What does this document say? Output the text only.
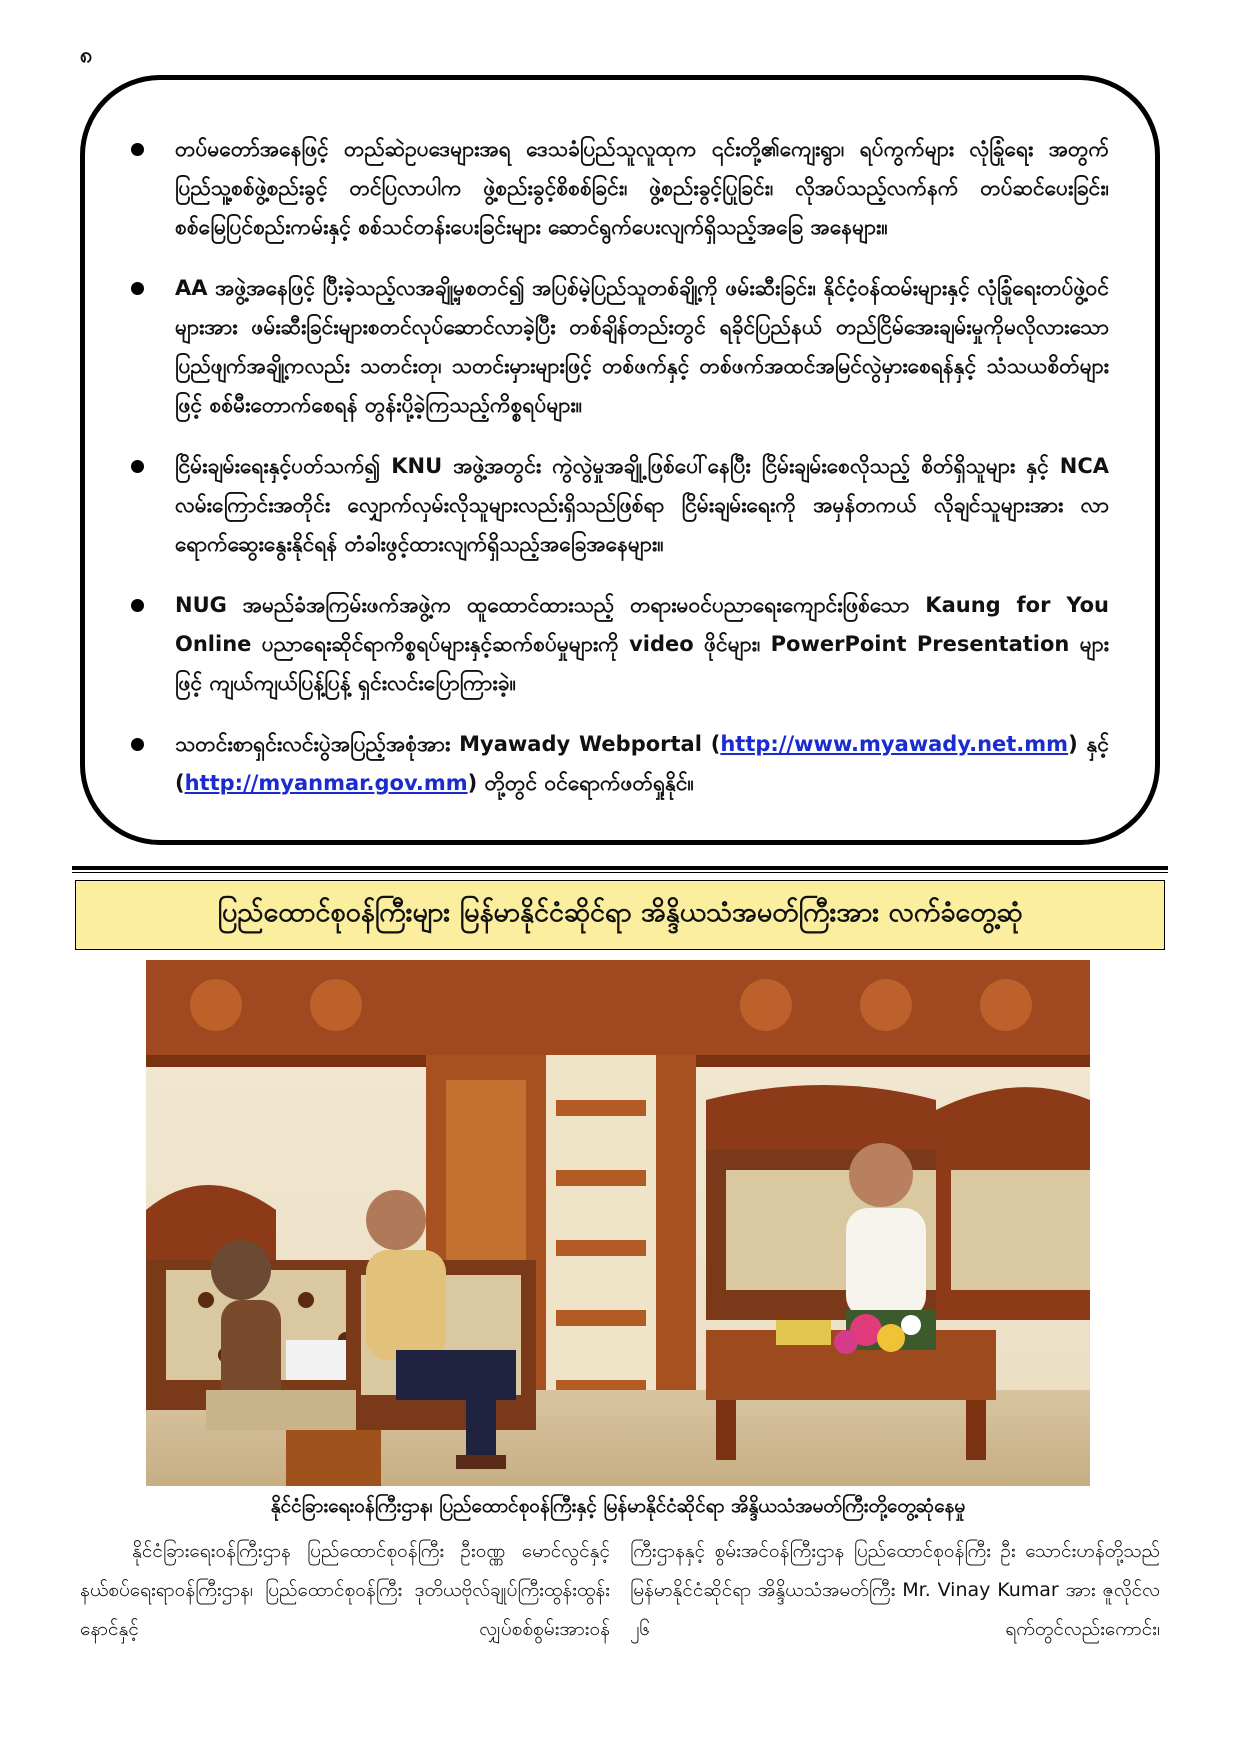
၈
တပ်မတော်အနေဖြင့် တည်ဆဲဥပဒေများအရ ဒေသခံပြည်သူလူထုက ၎င်းတို့၏ကျေးရွာ၊ ရပ်ကွက်များ လုံခြုံရေး အတွက် ပြည်သူ့စစ်ဖွဲ့စည်းခွင့် တင်ပြလာပါက ဖွဲ့စည်းခွင့်စိစစ်ခြင်း၊ ဖွဲ့စည်းခွင့်ပြုခြင်း၊ လိုအပ်သည့်လက်နက် တပ်ဆင်ပေးခြင်း၊ စစ်မြေပြင်စည်းကမ်းနှင့် စစ်သင်တန်းပေးခြင်းများ ဆောင်ရွက်ပေးလျက်ရှိသည့်အခြေ အနေများ။
AA အဖွဲ့အနေဖြင့် ပြီးခဲ့သည့်လအချို့မှစတင်၍ အပြစ်မဲ့ပြည်သူတစ်ချို့ကို ဖမ်းဆီးခြင်း၊ နိုင်ငံ့ဝန်ထမ်းများနှင့် လုံခြုံရေးတပ်ဖွဲ့ဝင်များအား ဖမ်းဆီးခြင်းများစတင်လုပ်ဆောင်လာခဲ့ပြီး တစ်ချိန်တည်းတွင် ရခိုင်ပြည်နယ် တည်ငြိမ်အေးချမ်းမှုကိုမလိုလားသော ပြည်ဖျက်အချို့ကလည်း သတင်းတု၊ သတင်းမှားများဖြင့် တစ်ဖက်နှင့် တစ်ဖက်အထင်အမြင်လွဲမှားစေရန်နှင့် သံသယစိတ်များဖြင့် စစ်မီးတောက်စေရန် တွန်းပို့ခဲ့ကြသည့်ကိစ္စရပ်များ။
ငြိမ်းချမ်းရေးနှင့်ပတ်သက်၍ KNU အဖွဲ့အတွင်း ကွဲလွဲမှုအချို့ဖြစ်ပေါ်နေပြီး ငြိမ်းချမ်းစေလိုသည့် စိတ်ရှိသူများ နှင့် NCA လမ်းကြောင်းအတိုင်း လျှောက်လှမ်းလိုသူများလည်းရှိသည်ဖြစ်ရာ ငြိမ်းချမ်းရေးကို အမှန်တကယ် လိုချင်သူများအား လာရောက်ဆွေးနွေးနိုင်ရန် တံခါးဖွင့်ထားလျက်ရှိသည့်အခြေအနေများ။
NUG အမည်ခံအကြမ်းဖက်အဖွဲ့က ထူထောင်ထားသည့် တရားမဝင်ပညာရေးကျောင်းဖြစ်သော Kaung for You Online ပညာရေးဆိုင်ရာကိစ္စရပ်များနှင့်ဆက်စပ်မှုများကို video ဖိုင်များ၊ PowerPoint Presentation များဖြင့် ကျယ်ကျယ်ပြန့်ပြန့် ရှင်းလင်းပြောကြားခဲ့။
သတင်းစာရှင်းလင်းပွဲအပြည့်အစုံအား Myawady Webportal (http://www.myawady.net.mm) နှင့် (http://myanmar.gov.mm) တို့တွင် ဝင်ရောက်ဖတ်ရှုနိုင်။
ပြည်ထောင်စုဝန်ကြီးများ မြန်မာနိုင်ငံဆိုင်ရာ အိန္ဒိယသံအမတ်ကြီးအား လက်ခံတွေ့ဆုံ
နိုင်ငံခြားရေးဝန်ကြီးဌာန၊ ပြည်ထောင်စုဝန်ကြီးနှင့် မြန်မာနိုင်ငံဆိုင်ရာ အိန္ဒိယသံအမတ်ကြီးတို့တွေ့ဆုံနေမှု
နိုင်ငံခြားရေးဝန်ကြီးဌာန ပြည်ထောင်စုဝန်ကြီး ဦးဝဏ္ဏ မောင်လွင်နှင့် နယ်စပ်ရေးရာဝန်ကြီးဌာန၊ ပြည်ထောင်စုဝန်ကြီး ဒုတိယဗိုလ်ချုပ်ကြီးထွန်းထွန်းနောင်နှင့် လျှပ်စစ်စွမ်းအားဝန်
ကြီးဌာနနှင့် စွမ်းအင်ဝန်ကြီးဌာန ပြည်ထောင်စုဝန်ကြီး ဦး သောင်းဟန်တို့သည် မြန်မာနိုင်ငံဆိုင်ရာ အိန္ဒိယသံအမတ်ကြီး Mr. Vinay Kumar အား ဇူလိုင်လ ၂၆ ရက်တွင်လည်းကောင်း၊
